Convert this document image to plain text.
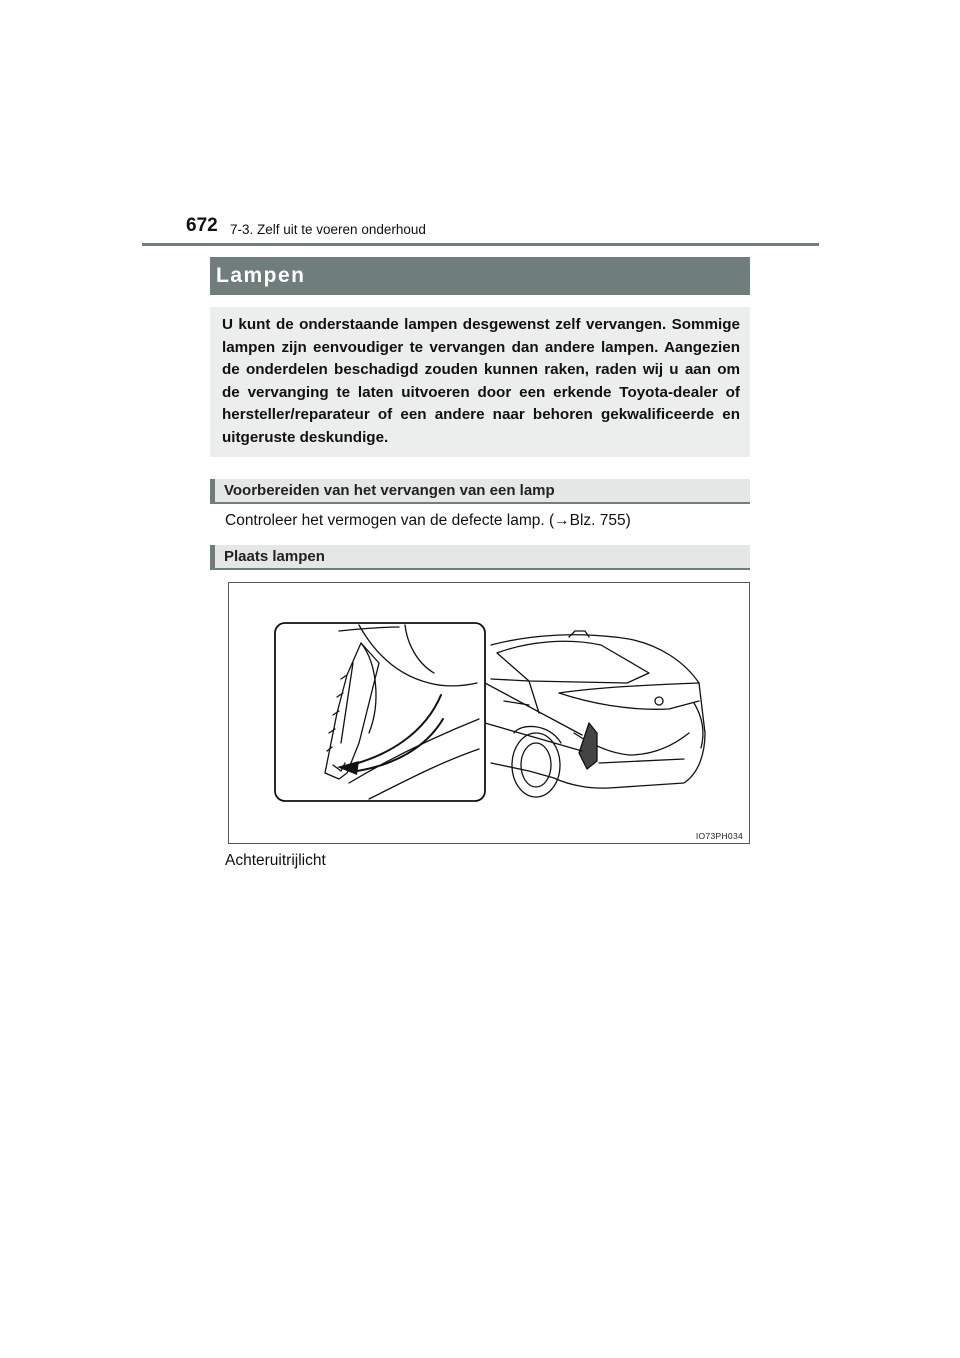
672 7-3. Zelf uit te voeren onderhoud
Lampen

U kunt de onderstaande lampen desgewenst zelf vervangen. Sommige lampen zijn eenvoudiger te vervangen dan andere lampen. Aangezien de onderdelen beschadigd zouden kunnen raken, raden wij u aan om de vervanging te laten uitvoeren door een erkende Toyota-dealer of hersteller/reparateur of een andere naar behoren gekwalificeerde en uitgeruste deskundige.

Voorbereiden van het vervangen van een lamp
Controleer het vermogen van de defecte lamp. (→Blz. 755)
Plaats lampen
IO73PH034
Achteruitrijlicht
